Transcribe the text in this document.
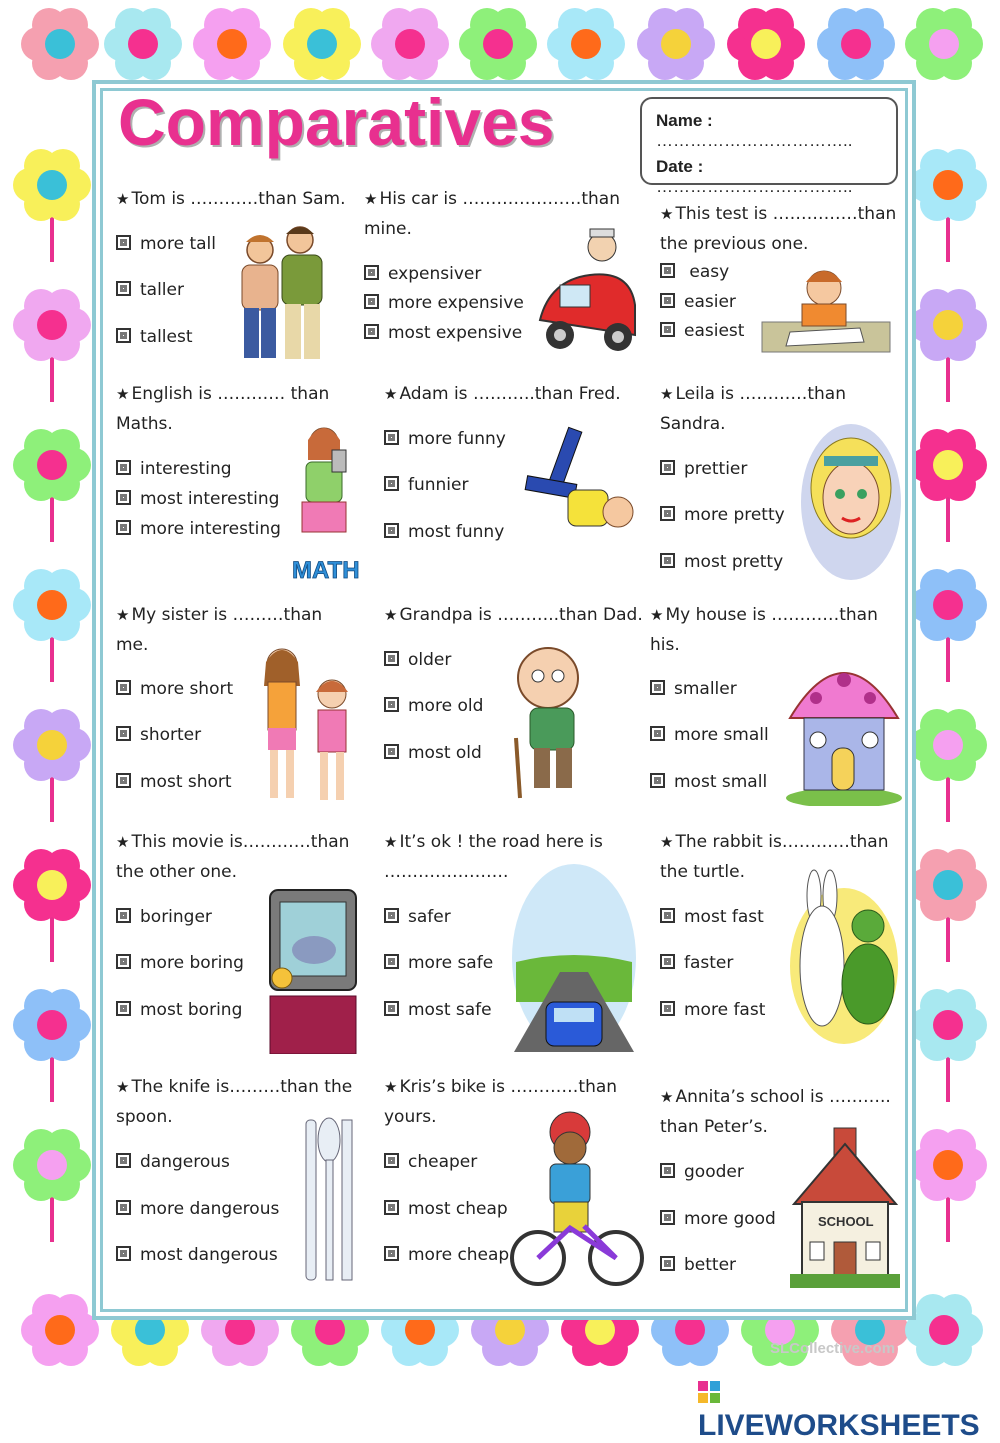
Comparatives	Name : ……………………………..
Date : ……………………………..
★ Tom is …………than Sam.
more tall
taller
tallest
★ His car is …………………than
mine.
expensiver
more expensive
most expensive
★ This test is ……………than
the previous one.
easy
easier
easiest
★ English is ………… than
Maths.
interesting
most interesting
more interesting
MATH
★ Adam is ………..than Fred.
more funny
funnier
most funny
★ Leila is …………than
Sandra.
prettier
more pretty
most pretty
★ My sister is ………than
me.
more short
shorter
most short
★ Grandpa is ………..than Dad.
older
more old
most old
★ My house is …………than
his.
smaller
more small
most small
★ This movie is…………than
the other one.
boringer
more boring
most boring
★ It’s ok ! the road here is
………………….
safer
more safe
most safe
★ The rabbit is…………than
the turtle.
most fast
faster
more fast
★ The knife is………than the
spoon.
dangerous
more dangerous
most dangerous
★ Kris’s bike is …………than
yours.
cheaper
most cheap
more cheap
★ Annita’s school is ………..
than Peter’s.
gooder
more good
better
SCHOOL
SLCollective.com
LIVEWORKSHEETS
